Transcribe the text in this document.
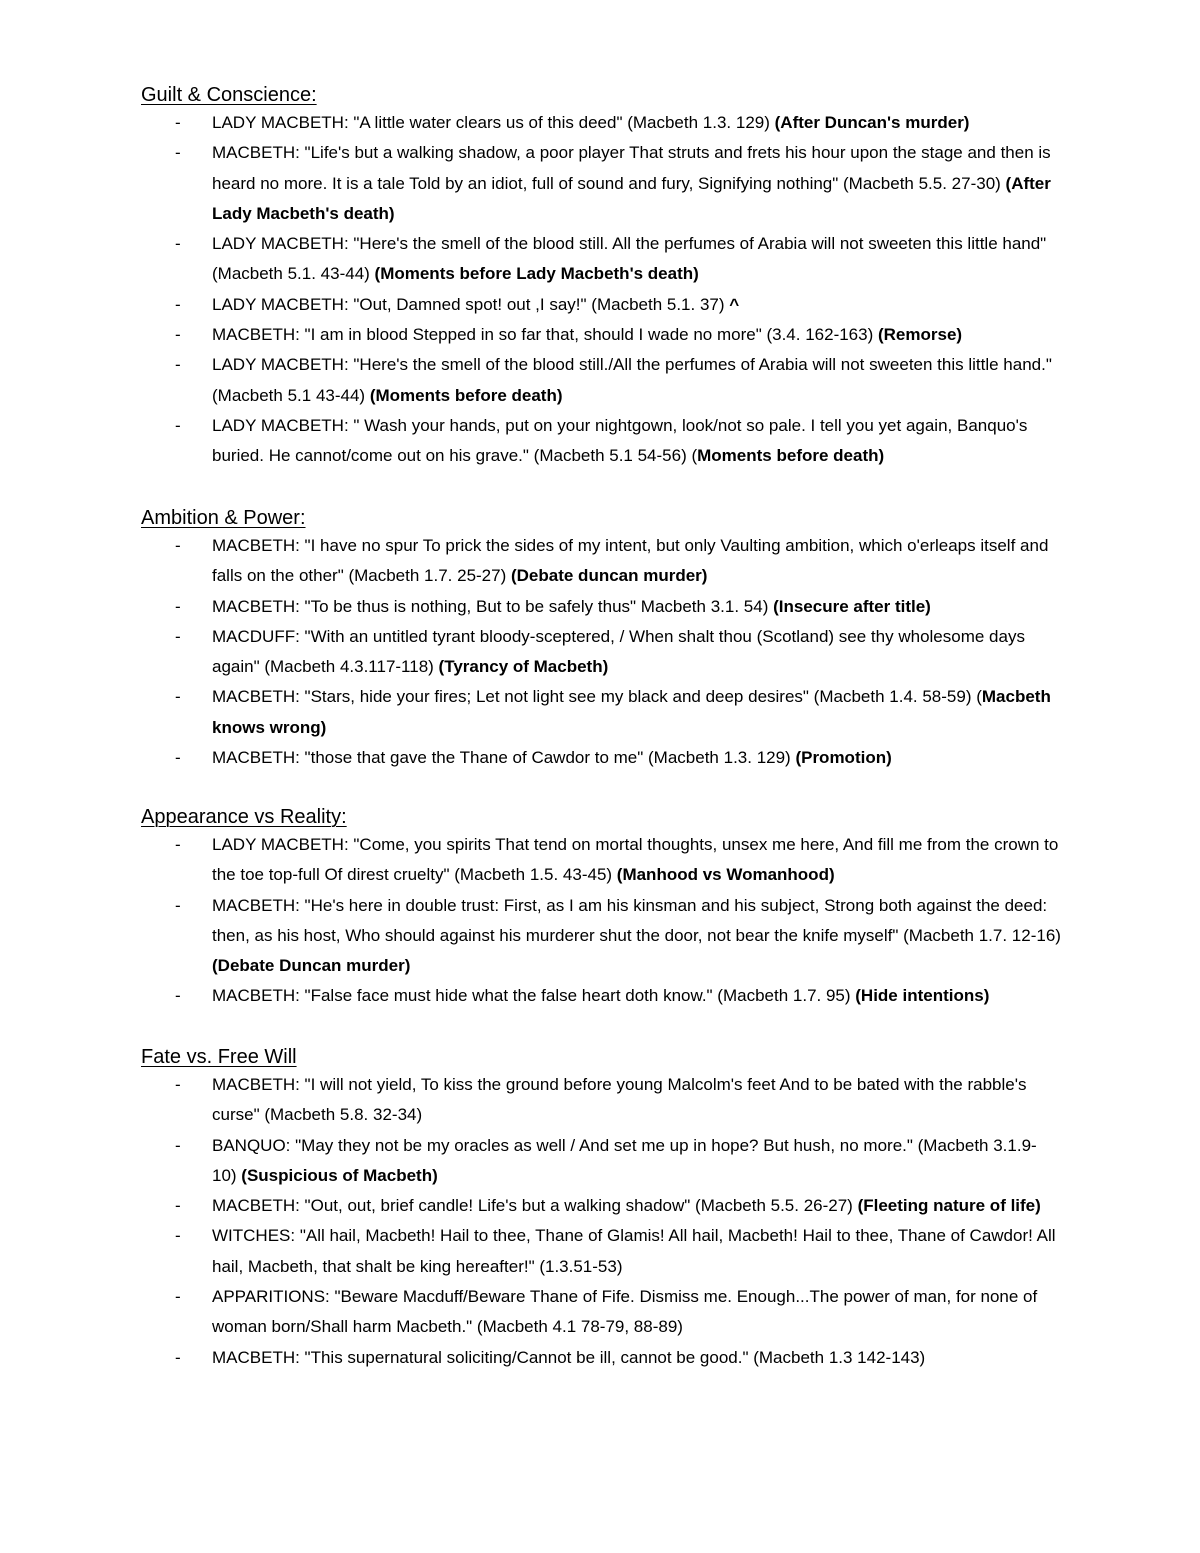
Guilt & Conscience:
- LADY MACBETH: "A little water clears us of this deed" (Macbeth 1.3. 129) (After Duncan's murder)
- MACBETH: "Life's but a walking shadow, a poor player That struts and frets his hour upon the stage and then is heard no more. It is a tale Told by an idiot, full of sound and fury, Signifying nothing" (Macbeth 5.5. 27-30) (After Lady Macbeth's death)
- LADY MACBETH: "Here's the smell of the blood still. All the perfumes of Arabia will not sweeten this little hand" (Macbeth 5.1. 43-44) (Moments before Lady Macbeth's death)
- LADY MACBETH: "Out, Damned spot! out ,I say!" (Macbeth 5.1. 37) ^
- MACBETH: "I am in blood Stepped in so far that, should I wade no more" (3.4. 162-163) (Remorse)
- LADY MACBETH: "Here's the smell of the blood still./All the perfumes of Arabia will not sweeten this little hand." (Macbeth 5.1 43-44) (Moments before death)
- LADY MACBETH: " Wash your hands, put on your nightgown, look/not so pale. I tell you yet again, Banquo's buried. He cannot/come out on his grave." (Macbeth 5.1 54-56) (Moments before death)
Ambition & Power:
- MACBETH: "I have no spur To prick the sides of my intent, but only Vaulting ambition, which o'erleaps itself and falls on the other" (Macbeth 1.7. 25-27) (Debate duncan murder)
- MACBETH: "To be thus is nothing, But to be safely thus" Macbeth 3.1. 54) (Insecure after title)
- MACDUFF: "With an untitled tyrant bloody-sceptered, / When shalt thou (Scotland) see thy wholesome days again" (Macbeth 4.3.117-118) (Tyrancy of Macbeth)
- MACBETH: "Stars, hide your fires; Let not light see my black and deep desires" (Macbeth 1.4. 58-59) (Macbeth knows wrong)
- MACBETH: "those that gave the Thane of Cawdor to me" (Macbeth 1.3. 129) (Promotion)
Appearance vs Reality:
- LADY MACBETH: "Come, you spirits That tend on mortal thoughts, unsex me here, And fill me from the crown to the toe top-full Of direst cruelty" (Macbeth 1.5. 43-45) (Manhood vs Womanhood)
- MACBETH: "He's here in double trust: First, as I am his kinsman and his subject, Strong both against the deed: then, as his host, Who should against his murderer shut the door, not bear the knife myself" (Macbeth 1.7. 12-16) (Debate Duncan murder)
- MACBETH: "False face must hide what the false heart doth know." (Macbeth 1.7. 95) (Hide intentions)
Fate vs. Free Will
- MACBETH: "I will not yield, To kiss the ground before young Malcolm's feet And to be bated with the rabble's curse" (Macbeth 5.8. 32-34)
- BANQUO: "May they not be my oracles as well / And set me up in hope? But hush, no more." (Macbeth 3.1.9-10) (Suspicious of Macbeth)
- MACBETH: "Out, out, brief candle! Life's but a walking shadow" (Macbeth 5.5. 26-27) (Fleeting nature of life)
- WITCHES: "All hail, Macbeth! Hail to thee, Thane of Glamis! All hail, Macbeth! Hail to thee, Thane of Cawdor! All hail, Macbeth, that shalt be king hereafter!" (1.3.51-53)
- APPARITIONS: "Beware Macduff/Beware Thane of Fife. Dismiss me. Enough...The power of man, for none of woman born/Shall harm Macbeth." (Macbeth 4.1 78-79, 88-89)
- MACBETH: "This supernatural soliciting/Cannot be ill, cannot be good." (Macbeth 1.3 142-143)
